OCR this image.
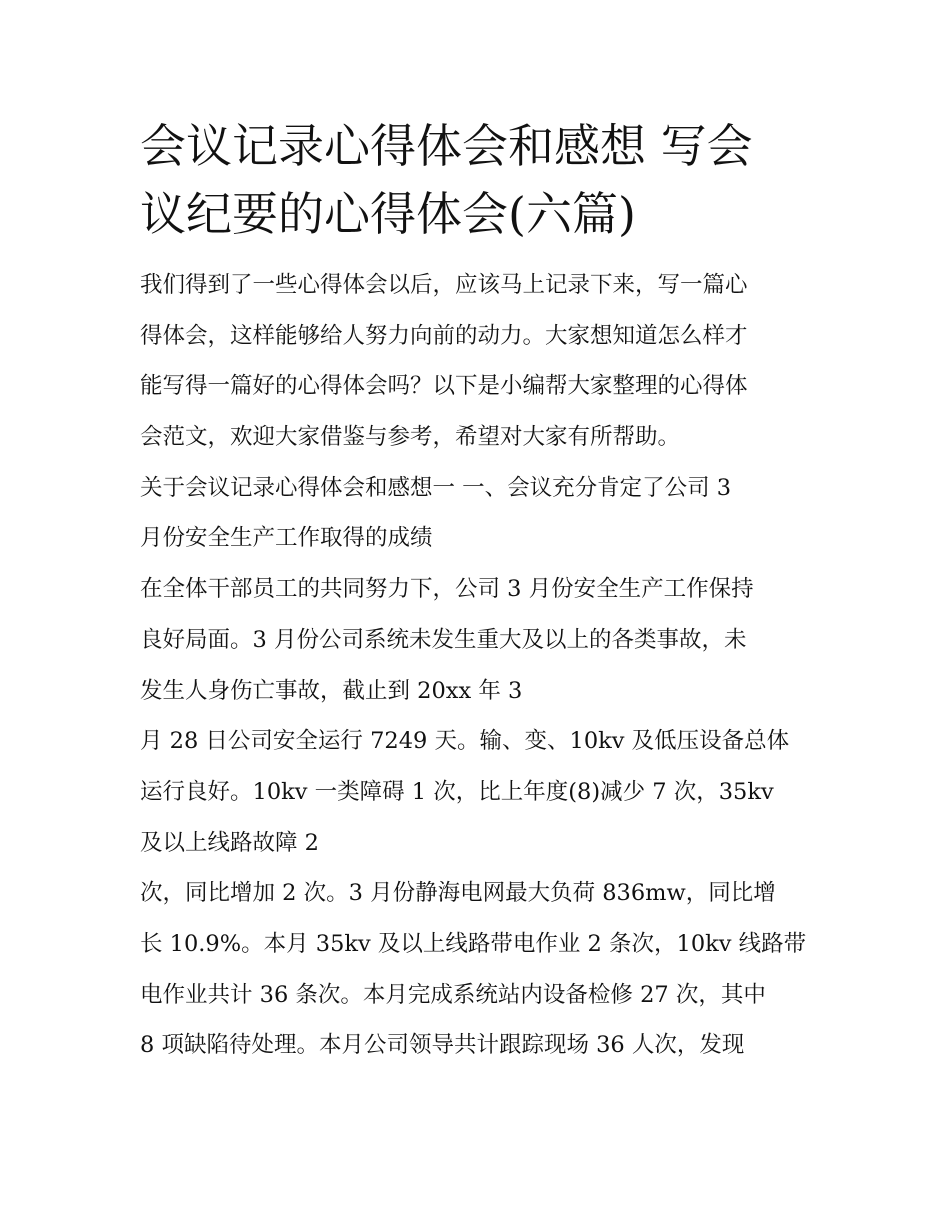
会议记录心得体会和感想 写会
议纪要的心得体会(六篇)
我们得到了一些心得体会以后，应该马上记录下来，写一篇心
得体会，这样能够给人努力向前的动力。大家想知道怎么样才
能写得一篇好的心得体会吗？以下是小编帮大家整理的心得体
会范文，欢迎大家借鉴与参考，希望对大家有所帮助。
关于会议记录心得体会和感想一 一、会议充分肯定了公司 3
月份安全生产工作取得的成绩
在全体干部员工的共同努力下，公司 3 月份安全生产工作保持
良好局面。3 月份公司系统未发生重大及以上的各类事故，未
发生人身伤亡事故，截止到 20xx 年 3
月 28 日公司安全运行 7249 天。输、变、10kv 及低压设备总体
运行良好。10kv 一类障碍 1 次，比上年度(8)减少 7 次，35kv
及以上线路故障 2
次，同比增加 2 次。3 月份静海电网最大负荷 836mw，同比增
长 10.9%。本月 35kv 及以上线路带电作业 2 条次，10kv 线路带
电作业共计 36 条次。本月完成系统站内设备检修 27 次，其中
8 项缺陷待处理。本月公司领导共计跟踪现场 36 人次，发现
